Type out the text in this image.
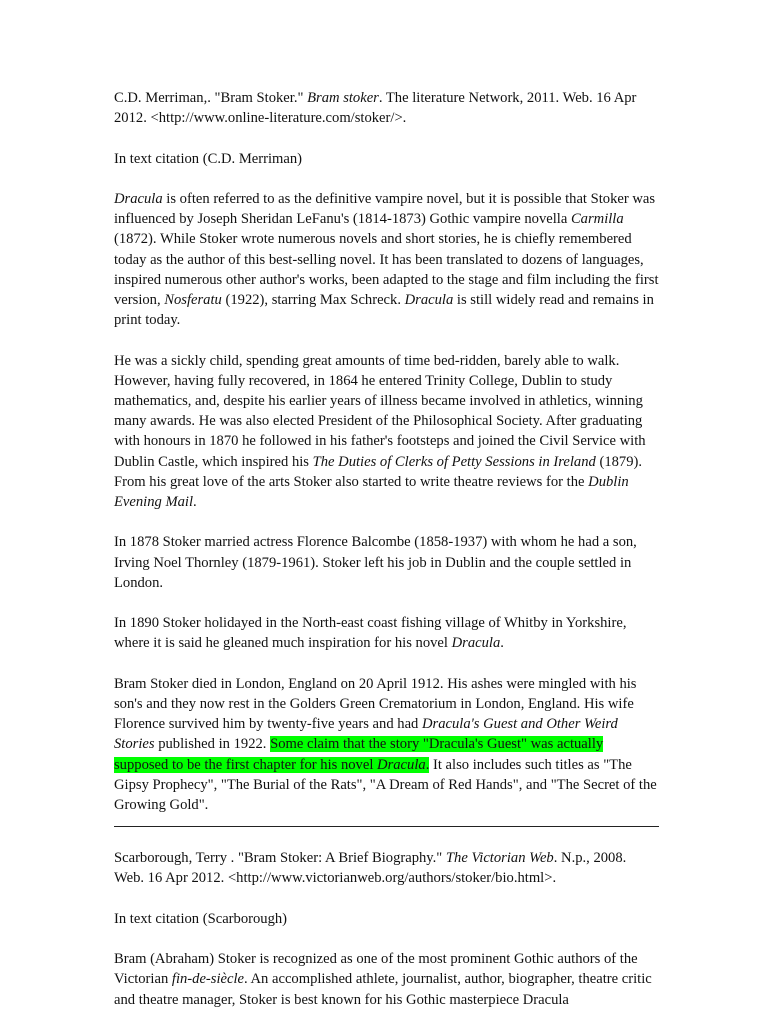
C.D. Merriman,. "Bram Stoker." Bram stoker. The literature Network, 2011. Web. 16 Apr 2012. <http://www.online-literature.com/stoker/>.

In text citation (C.D. Merriman)

Dracula is often referred to as the definitive vampire novel, but it is possible that Stoker was influenced by Joseph Sheridan LeFanu's (1814-1873) Gothic vampire novella Carmilla (1872). While Stoker wrote numerous novels and short stories, he is chiefly remembered today as the author of this best-selling novel. It has been translated to dozens of languages, inspired numerous other author's works, been adapted to the stage and film including the first version, Nosferatu (1922), starring Max Schreck. Dracula is still widely read and remains in print today.

He was a sickly child, spending great amounts of time bed-ridden, barely able to walk. However, having fully recovered, in 1864 he entered Trinity College, Dublin to study mathematics, and, despite his earlier years of illness became involved in athletics, winning many awards. He was also elected President of the Philosophical Society. After graduating with honours in 1870 he followed in his father's footsteps and joined the Civil Service with Dublin Castle, which inspired his The Duties of Clerks of Petty Sessions in Ireland (1879). From his great love of the arts Stoker also started to write theatre reviews for the Dublin Evening Mail.

In 1878 Stoker married actress Florence Balcombe (1858-1937) with whom he had a son, Irving Noel Thornley (1879-1961). Stoker left his job in Dublin and the couple settled in London.

In 1890 Stoker holidayed in the North-east coast fishing village of Whitby in Yorkshire, where it is said he gleaned much inspiration for his novel Dracula.

Bram Stoker died in London, England on 20 April 1912. His ashes were mingled with his son's and they now rest in the Golders Green Crematorium in London, England. His wife Florence survived him by twenty-five years and had Dracula's Guest and Other Weird Stories published in 1922. Some claim that the story "Dracula's Guest" was actually supposed to be the first chapter for his novel Dracula. It also includes such titles as "The Gipsy Prophecy", "The Burial of the Rats", "A Dream of Red Hands", and "The Secret of the Growing Gold".

Scarborough, Terry . "Bram Stoker: A Brief Biography." The Victorian Web. N.p., 2008. Web. 16 Apr 2012. <http://www.victorianweb.org/authors/stoker/bio.html>.

In text citation (Scarborough)

Bram (Abraham) Stoker is recognized as one of the most prominent Gothic authors of the Victorian fin-de-siècle. An accomplished athlete, journalist, author, biographer, theatre critic and theatre manager, Stoker is best known for his Gothic masterpiece Dracula
